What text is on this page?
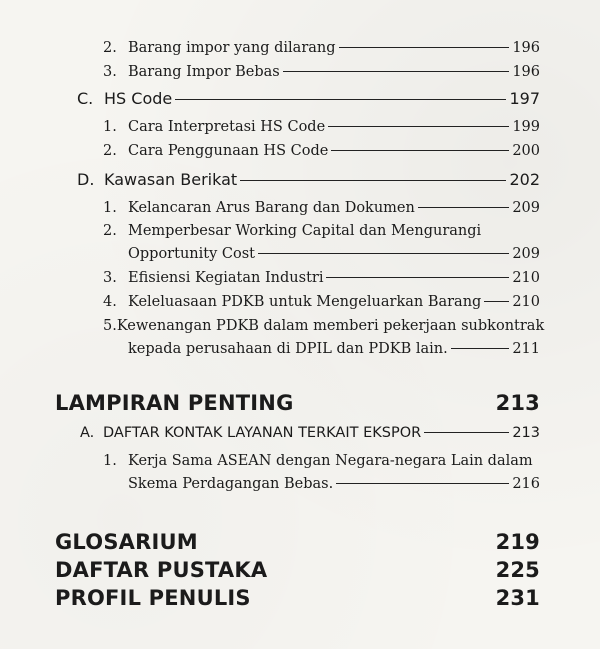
2. Barang impor yang dilarang	196
3. Barang Impor Bebas	196
C. HS Code	197
1. Cara Interpretasi HS Code	199
2. Cara Penggunaan HS Code	200
D. Kawasan Berikat	202
1. Kelancaran Arus Barang dan Dokumen	209
2. Memperbesar Working Capital dan Mengurangi
Opportunity Cost	209
3. Efisiensi Kegiatan Industri	210
4. Keleluasaan PDKB untuk Mengeluarkan Barang 210
5. Kewenangan PDKB dalam memberi pekerjaan subkontrak
kepada perusahaan di DPIL dan PDKB lain.	211
LAMPIRAN PENTING	213
A. DAFTAR KONTAK LAYANAN TERKAIT EKSPOR	213
1. Kerja Sama ASEAN dengan Negara-negara Lain dalam
Skema Perdagangan Bebas.	216
GLOSARIUM	219
DAFTAR PUSTAKA	225
PROFIL PENULIS	231
